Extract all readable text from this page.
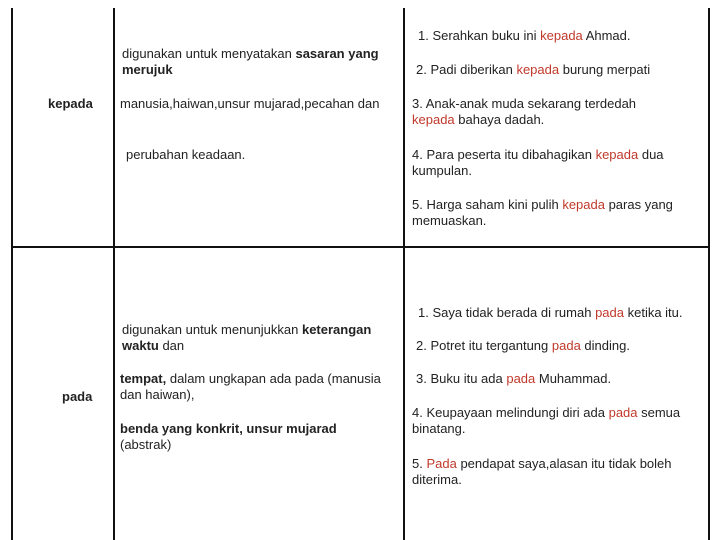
kepada
digunakan untuk menyatakan sasaran yang merujuk
manusia,haiwan,unsur mujarad,pecahan dan
perubahan keadaan.
1. Serahkan buku ini kepada Ahmad.
2. Padi diberikan kepada burung merpati
3. Anak-anak muda sekarang terdedah kepada bahaya dadah.
4. Para peserta itu dibahagikan kepada dua kumpulan.
5. Harga saham kini pulih kepada paras yang memuaskan.
pada
digunakan untuk menunjukkan keterangan waktu dan
tempat, dalam ungkapan ada pada (manusia dan haiwan),
benda yang konkrit, unsur mujarad
(abstrak)
1. Saya tidak berada di rumah pada ketika itu.
2. Potret itu tergantung pada dinding.
3. Buku itu ada pada Muhammad.
4. Keupayaan melindungi diri ada pada semua binatang.
5. Pada pendapat saya,alasan itu tidak boleh diterima.
